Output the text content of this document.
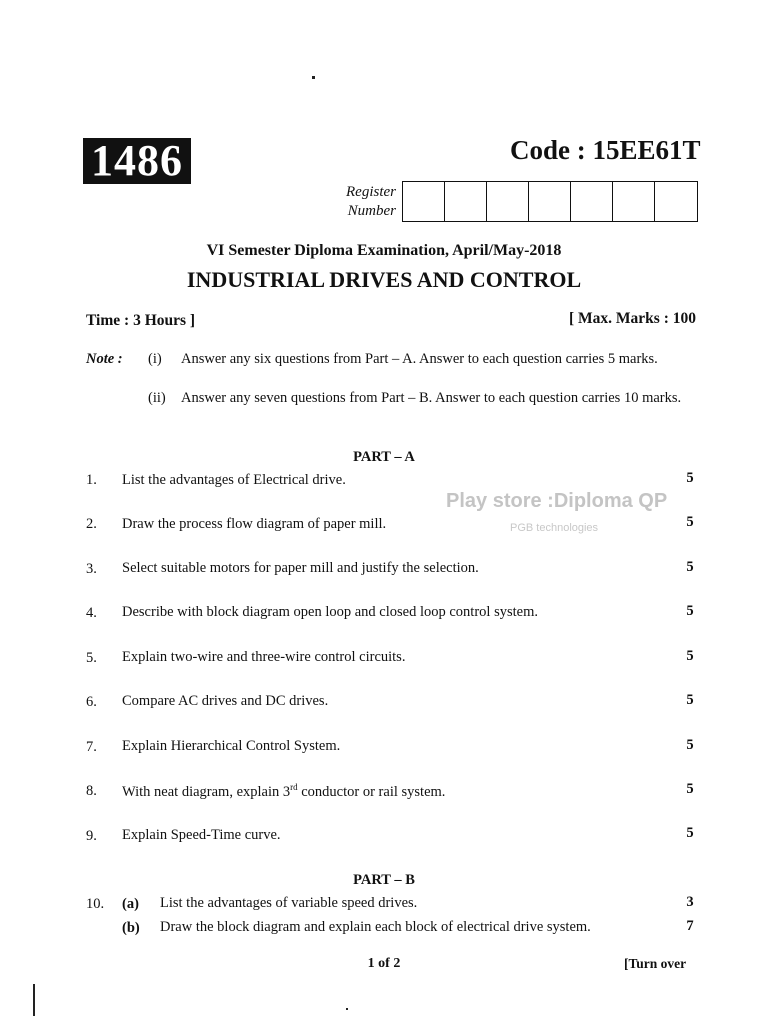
1486	Code : 15EE61T
Register
Number
VI Semester Diploma Examination, April/May-2018
INDUSTRIAL DRIVES AND CONTROL
Time : 3 Hours ]	[ Max. Marks : 100
Note : (i)	Answer any six questions from Part – A. Answer to each question carries 5 marks.
(ii)	Answer any seven questions from Part – B. Answer to each question carries 10 marks.
PART – A
1. List the advantages of Electrical drive.	5
2. Draw the process flow diagram of paper mill.	5
3. Select suitable motors for paper mill and justify the selection.	5
4. Describe with block diagram open loop and closed loop control system.	5
5. Explain two-wire and three-wire control circuits.	5
6. Compare AC drives and DC drives.	5
7. Explain Hierarchical Control System.	5
8. With neat diagram, explain 3rd conductor or rail system.	5
9. Explain Speed-Time curve.	5
PART – B
10. (a) List the advantages of variable speed drives.	3
(b) Draw the block diagram and explain each block of electrical drive system.	7
Play store :Diploma QP
PGB technologies
1 of 2	[Turn over
